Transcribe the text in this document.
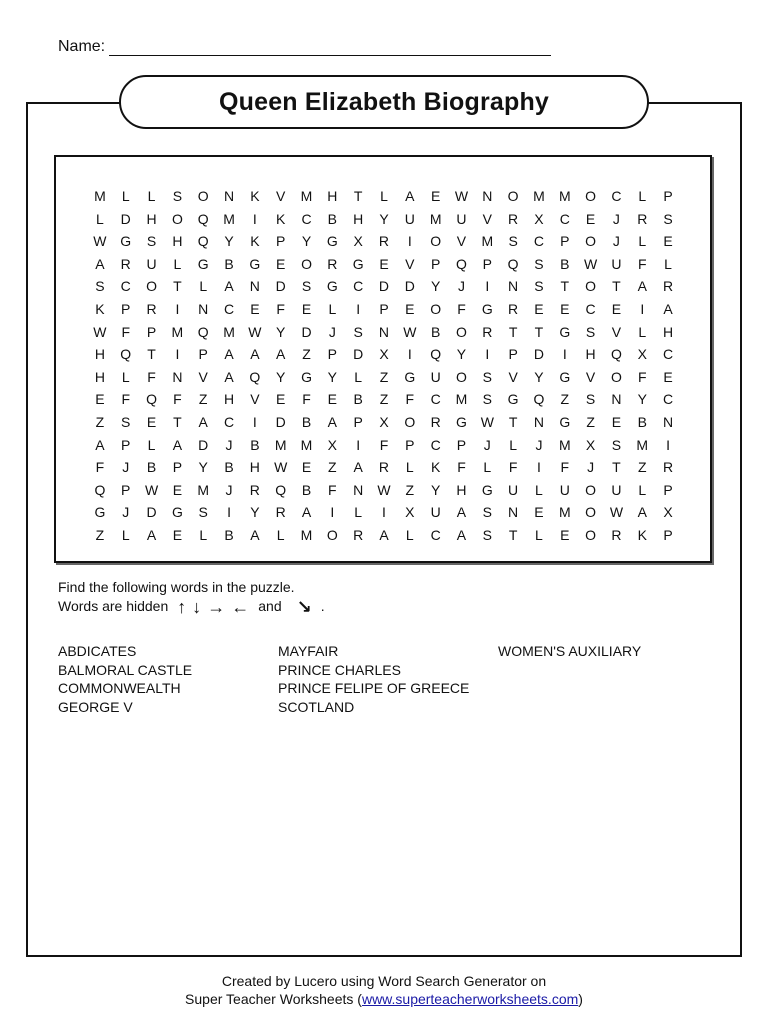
Name:
Queen Elizabeth Biography
M	L	L	S	O	N	K	V	M	H	T	L	A	E	W	N	O	M	M	O	C	L	P
L	D	H	O	Q	M	I	K	C	B	H	Y	U	M	U	V	R	X	C	E	J	R	S
W G	S	H	Q	Y	K	P	Y	G	X	R	I	O	V	M	S	C	P	O	J	L	E
A	R	U	L	G	B	G	E	O	R	G	E	V	P	Q	P	Q	S	B	W	U	F	L
S	C	O	T	L	A	N	D	S	G	C	D	D	Y	J	I	N	S	T	O	T	A	R
K	P	R	I	N	C	E	F	E	L	I	P	E	O	F	G	R	E	E	C	E	I	A
W	F	P	M	Q	M W	Y	D	J	S	N	W	B	O	R	T	T	G	S	V	L	H
H	Q	T	I	P	A	A	A	Z	P	D	X	I	Q	Y	I	P	D	I	H	Q	X	C
H	L	F	N	V	A	Q	Y	G	Y	L	Z	G	U	O	S	V	Y	G	V	O	F	E
E	F	Q	F	Z	H	V	E	F	E	B	Z	F	C	M	S	G	Q	Z	S	N	Y	C
Z	S	E	T	A	C	I	D	B	A	P	X	O	R	G W	T	N	G	Z	E	B	N
A	P	L	A	D	J	B	M	M	X	I	F	P	C	P	J	L	J	M	X	S	M	I
F	J	B	P	Y	B	H	W	E	Z	A	R	L	K	F	L	F	I	F	J	T	Z	R
Q	P	W	E	M	J	R	Q	B	F	N	W	Z	Y	H	G	U	L	U	O	U	L	P
G	J	D	G	S	I	Y	R	A	I	L	I	X	U	A	S	N	E	M	O W	A	X
Z	L	A	E	L	B	A	L	M	O	R	A	L	C	A	S	T	L	E	O	R	K	P
Find the following words in the puzzle.
Words are hidden ↑ ↓ → ← and ↘ .
ABDICATES
BALMORAL CASTLE
COMMONWEALTH
GEORGE V
MAYFAIR
PRINCE CHARLES
PRINCE FELIPE OF GREECE
SCOTLAND
WOMEN'S AUXILIARY
Created by Lucero using Word Search Generator on
Super Teacher Worksheets (www.superteacherworksheets.com)
